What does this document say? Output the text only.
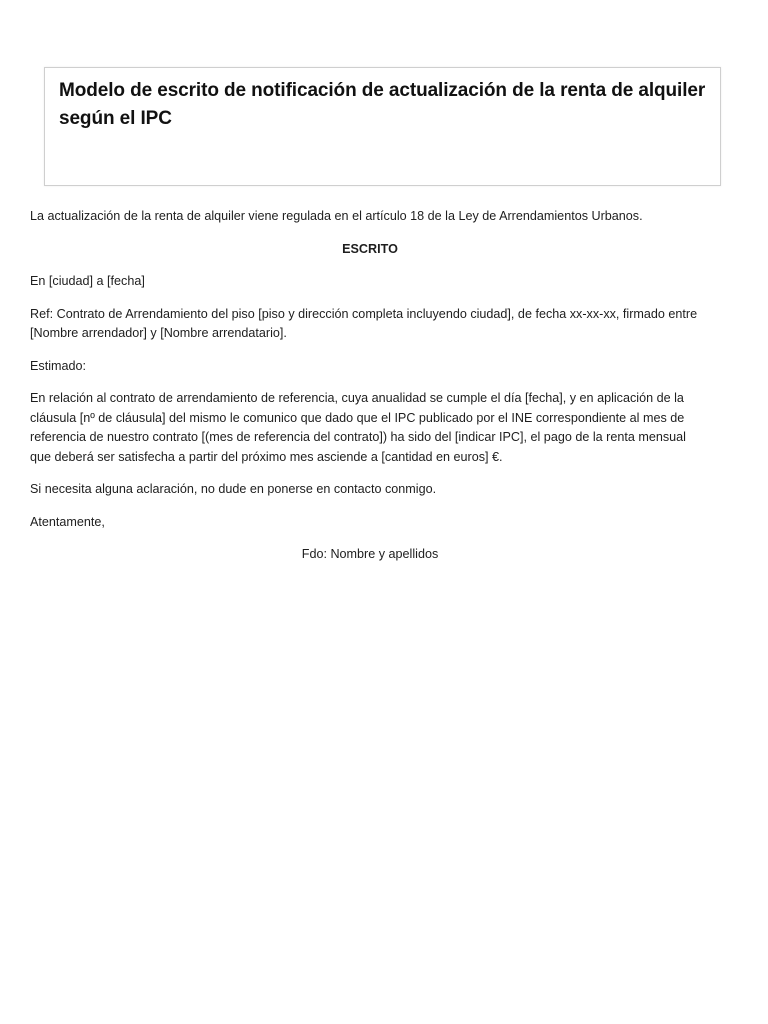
Modelo de escrito de notificación de actualización de la renta de alquiler según el IPC

La actualización de la renta de alquiler viene regulada en el artículo 18 de la Ley de Arrendamientos Urbanos.

ESCRITO

En [ciudad] a [fecha]

Ref: Contrato de Arrendamiento del piso [piso y dirección completa incluyendo ciudad], de fecha xx-xx-xx, firmado entre [Nombre arrendador] y [Nombre arrendatario].

Estimado:

En relación al contrato de arrendamiento de referencia, cuya anualidad se cumple el día [fecha], y en aplicación de la cláusula [nº de cláusula] del mismo le comunico que dado que el IPC publicado por el INE correspondiente al mes de referencia de nuestro contrato [(mes de referencia del contrato]) ha sido del [indicar IPC], el pago de la renta mensual que deberá ser satisfecha a partir del próximo mes asciende a [cantidad en euros] €.

Si necesita alguna aclaración, no dude en ponerse en contacto conmigo.

Atentamente,

Fdo: Nombre y apellidos
